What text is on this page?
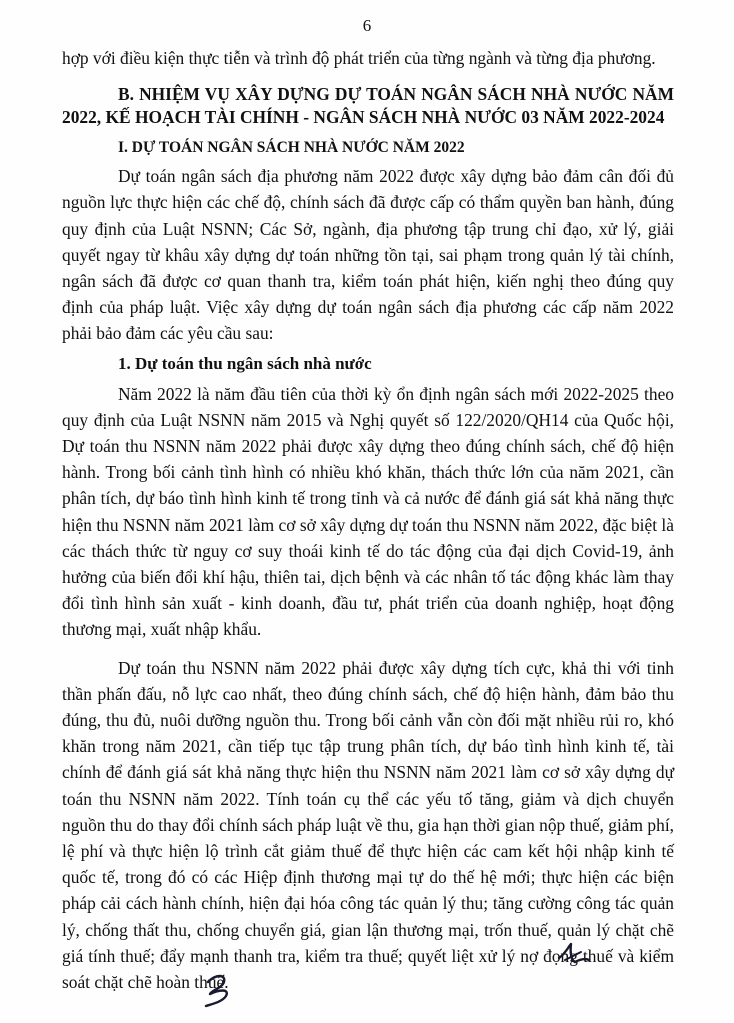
6

hợp với điều kiện thực tiễn và trình độ phát triển của từng ngành và từng địa phương.

B. NHIỆM VỤ XÂY DỰNG DỰ TOÁN NGÂN SÁCH NHÀ NƯỚC NĂM 2022, KẾ HOẠCH TÀI CHÍNH - NGÂN SÁCH NHÀ NƯỚC 03 NĂM 2022-2024
I. DỰ TOÁN NGÂN SÁCH NHÀ NƯỚC NĂM 2022

Dự toán ngân sách địa phương năm 2022 được xây dựng bảo đảm cân đối đủ nguồn lực thực hiện các chế độ, chính sách đã được cấp có thẩm quyền ban hành, đúng quy định của Luật NSNN; Các Sở, ngành, địa phương tập trung chỉ đạo, xử lý, giải quyết ngay từ khâu xây dựng dự toán những tồn tại, sai phạm trong quản lý tài chính, ngân sách đã được cơ quan thanh tra, kiểm toán phát hiện, kiến nghị theo đúng quy định của pháp luật. Việc xây dựng dự toán ngân sách địa phương các cấp năm 2022 phải bảo đảm các yêu cầu sau:

1. Dự toán thu ngân sách nhà nước

Năm 2022 là năm đầu tiên của thời kỳ ổn định ngân sách mới 2022-2025 theo quy định của Luật NSNN năm 2015 và Nghị quyết số 122/2020/QH14 của Quốc hội, Dự toán thu NSNN năm 2022 phải được xây dựng theo đúng chính sách, chế độ hiện hành. Trong bối cảnh tình hình có nhiều khó khăn, thách thức lớn của năm 2021, cần phân tích, dự báo tình hình kinh tế trong tỉnh và cả nước để đánh giá sát khả năng thực hiện thu NSNN năm 2021 làm cơ sở xây dựng dự toán thu NSNN năm 2022, đặc biệt là các thách thức từ nguy cơ suy thoái kinh tế do tác động của đại dịch Covid-19, ảnh hưởng của biến đổi khí hậu, thiên tai, dịch bệnh và các nhân tố tác động khác làm thay đổi tình hình sản xuất - kinh doanh, đầu tư, phát triển của doanh nghiệp, hoạt động thương mại, xuất nhập khẩu.

Dự toán thu NSNN năm 2022 phải được xây dựng tích cực, khả thi với tinh thần phấn đấu, nỗ lực cao nhất, theo đúng chính sách, chế độ hiện hành, đảm bảo thu đúng, thu đủ, nuôi dưỡng nguồn thu. Trong bối cảnh vẫn còn đối mặt nhiều rủi ro, khó khăn trong năm 2021, cần tiếp tục tập trung phân tích, dự báo tình hình kinh tế, tài chính để đánh giá sát khả năng thực hiện thu NSNN năm 2021 làm cơ sở xây dựng dự toán thu NSNN năm 2022. Tính toán cụ thể các yếu tố tăng, giảm và dịch chuyển nguồn thu do thay đổi chính sách pháp luật về thu, gia hạn thời gian nộp thuế, giảm phí, lệ phí và thực hiện lộ trình cắt giảm thuế để thực hiện các cam kết hội nhập kinh tế quốc tế, trong đó có các Hiệp định thương mại tự do thế hệ mới; thực hiện các biện pháp cải cách hành chính, hiện đại hóa công tác quản lý thu; tăng cường công tác quản lý, chống thất thu, chống chuyển giá, gian lận thương mại, trốn thuế, quản lý chặt chẽ giá tính thuế; đẩy mạnh thanh tra, kiểm tra thuế; quyết liệt xử lý nợ đọng thuế và kiểm soát chặt chẽ hoàn thuế.
